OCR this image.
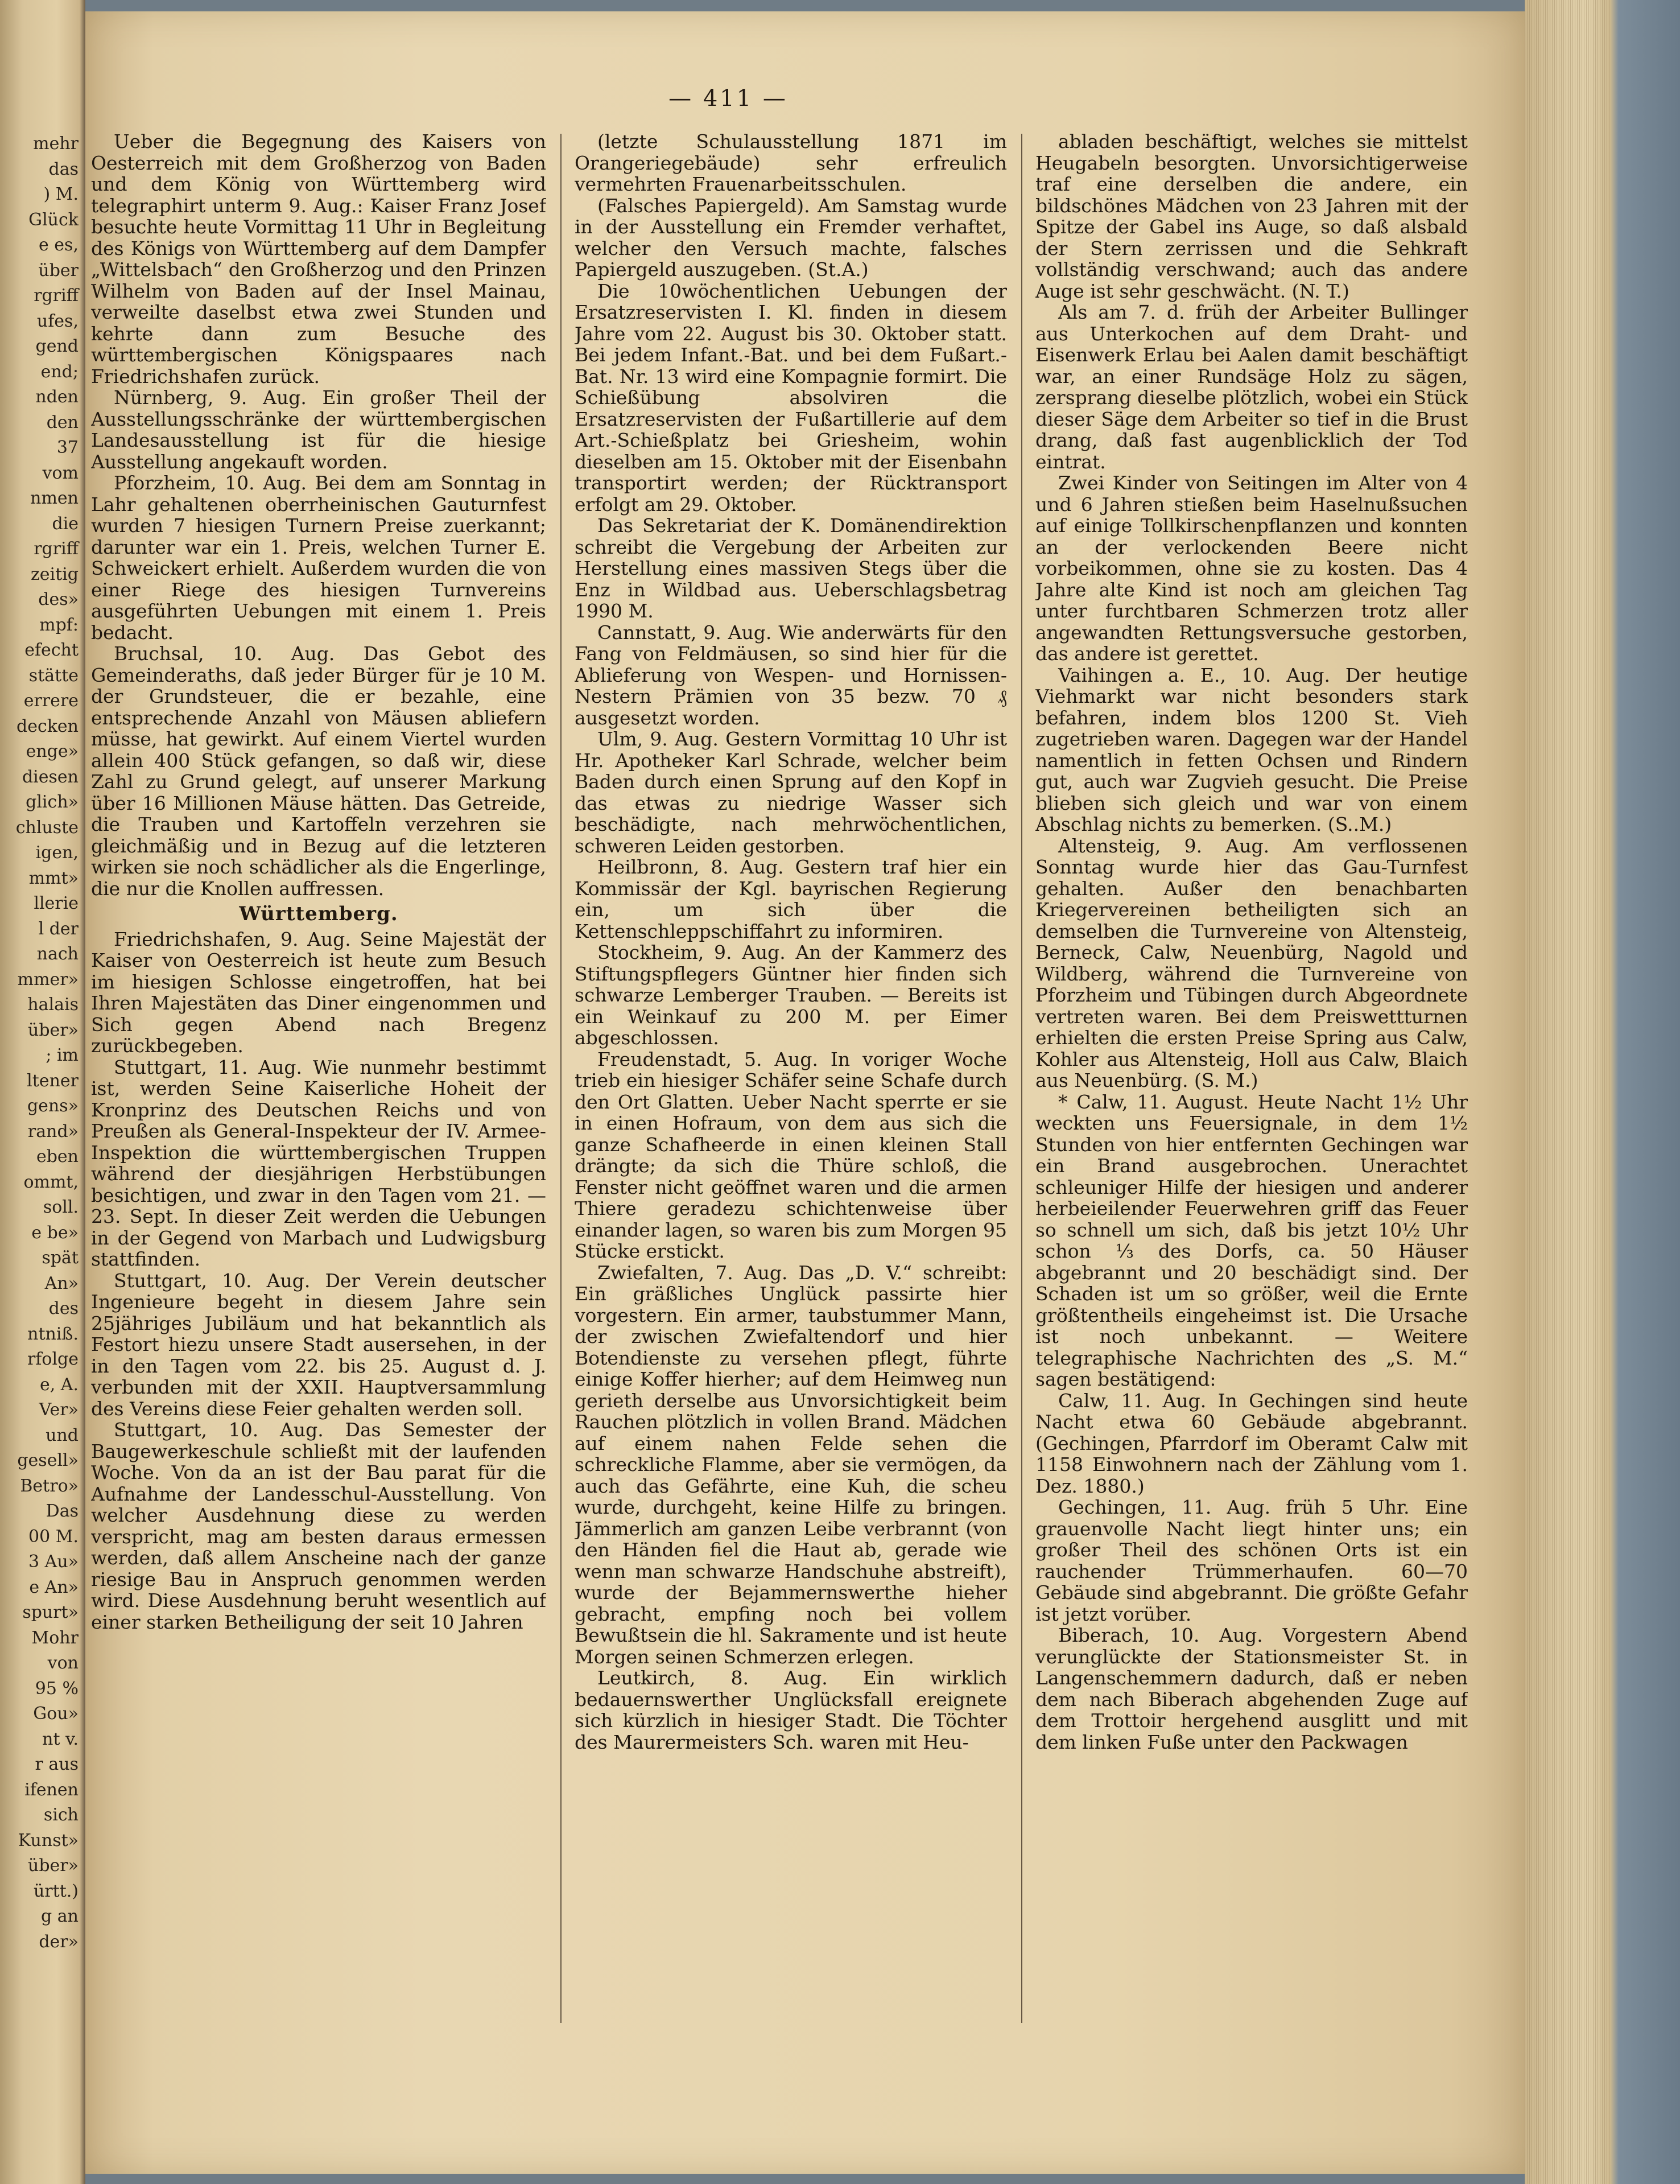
mehr
das
) M.
Glück
e es,
über
rgriff
ufes,
gend
end;
nden
den
37
vom
nmen
die
rgriff
zeitig
des»
mpf:
efecht
stätte
errere
decken
enge»
diesen
glich»
chluste
igen,
mmt»
llerie
l der
nach
mmer»
halais
über»
; im
ltener
gens»
rand»
eben
ommt,
soll.
e be»
spät
An»
des
ntniß.
rfolge
e, A.
Ver»
und
gesell»
Betro»
Das
00 M.
3 Au»
e An»
spurt»
Mohr
von
95 %
Gou»
nt v.
r aus
ifenen
sich
Kunst»
über»
ürtt.)
g an
der»
— 411 —

Ueber die Begegnung des Kaisers von Oesterreich mit dem Großherzog von Baden und dem König von Württemberg wird telegraphirt unterm 9. Aug.: Kaiser Franz Josef besuchte heute Vormittag 11 Uhr in Begleitung des Königs von Württemberg auf dem Dampfer „Wittelsbach“ den Großherzog und den Prinzen Wilhelm von Baden auf der Insel Mainau, verweilte daselbst etwa zwei Stunden und kehrte dann zum Besuche des württembergischen Königspaares nach Friedrichshafen zurück.

Nürnberg, 9. Aug. Ein großer Theil der Ausstellungsschränke der württembergischen Landesausstellung ist für die hiesige Ausstellung angekauft worden.

Pforzheim, 10. Aug. Bei dem am Sonntag in Lahr gehaltenen oberrheinischen Gauturnfest wurden 7 hiesigen Turnern Preise zuerkannt; darunter war ein 1. Preis, welchen Turner E. Schweickert erhielt. Außerdem wurden die von einer Riege des hiesigen Turnvereins ausgeführten Uebungen mit einem 1. Preis bedacht.

Bruchsal, 10. Aug. Das Gebot des Gemeinderaths, daß jeder Bürger für je 10 M. der Grundsteuer, die er bezahle, eine entsprechende Anzahl von Mäusen abliefern müsse, hat gewirkt. Auf einem Viertel wurden allein 400 Stück gefangen, so daß wir, diese Zahl zu Grund gelegt, auf unserer Markung über 16 Millionen Mäuse hätten. Das Getreide, die Trauben und Kartoffeln verzehren sie gleichmäßig und in Bezug auf die letzteren wirken sie noch schädlicher als die Engerlinge, die nur die Knollen auffressen.

Württemberg.

Friedrichshafen, 9. Aug. Seine Majestät der Kaiser von Oesterreich ist heute zum Besuch im hiesigen Schlosse eingetroffen, hat bei Ihren Majestäten das Diner eingenommen und Sich gegen Abend nach Bregenz zurückbegeben.

Stuttgart, 11. Aug. Wie nunmehr bestimmt ist, werden Seine Kaiserliche Hoheit der Kronprinz des Deutschen Reichs und von Preußen als General-Inspekteur der IV. Armee-Inspektion die württembergischen Truppen während der diesjährigen Herbstübungen besichtigen, und zwar in den Tagen vom 21. — 23. Sept. In dieser Zeit werden die Uebungen in der Gegend von Marbach und Ludwigsburg stattfinden.

Stuttgart, 10. Aug. Der Verein deutscher Ingenieure begeht in diesem Jahre sein 25jähriges Jubiläum und hat bekanntlich als Festort hiezu unsere Stadt ausersehen, in der in den Tagen vom 22. bis 25. August d. J. verbunden mit der XXII. Hauptversammlung des Vereins diese Feier gehalten werden soll.

Stuttgart, 10. Aug. Das Semester der Baugewerkeschule schließt mit der laufenden Woche. Von da an ist der Bau parat für die Aufnahme der Landesschul-Ausstellung. Von welcher Ausdehnung diese zu werden verspricht, mag am besten daraus ermessen werden, daß allem Anscheine nach der ganze riesige Bau in Anspruch genommen werden wird. Diese Ausdehnung beruht wesentlich auf einer starken Betheiligung der seit 10 Jahren

(letzte Schulausstellung 1871 im Orangeriegebäude) sehr erfreulich vermehrten Frauenarbeitsschulen.

(Falsches Papiergeld). Am Samstag wurde in der Ausstellung ein Fremder verhaftet, welcher den Versuch machte, falsches Papiergeld auszugeben. (St.A.)

Die 10wöchentlichen Uebungen der Ersatzreservisten I. Kl. finden in diesem Jahre vom 22. August bis 30. Oktober statt. Bei jedem Infant.-Bat. und bei dem Fußart.-Bat. Nr. 13 wird eine Kompagnie formirt. Die Schießübung absolviren die Ersatzreservisten der Fußartillerie auf dem Art.-Schießplatz bei Griesheim, wohin dieselben am 15. Oktober mit der Eisenbahn transportirt werden; der Rücktransport erfolgt am 29. Oktober.

Das Sekretariat der K. Domänendirektion schreibt die Vergebung der Arbeiten zur Herstellung eines massiven Stegs über die Enz in Wildbad aus. Ueberschlagsbetrag 1990 M.

Cannstatt, 9. Aug. Wie anderwärts für den Fang von Feldmäusen, so sind hier für die Ablieferung von Wespen- und Hornissen-Nestern Prämien von 35 bezw. 70 ₰ ausgesetzt worden.

Ulm, 9. Aug. Gestern Vormittag 10 Uhr ist Hr. Apotheker Karl Schrade, welcher beim Baden durch einen Sprung auf den Kopf in das etwas zu niedrige Wasser sich beschädigte, nach mehrwöchentlichen, schweren Leiden gestorben.

Heilbronn, 8. Aug. Gestern traf hier ein Kommissär der Kgl. bayrischen Regierung ein, um sich über die Kettenschleppschiffahrt zu informiren.

Stockheim, 9. Aug. An der Kammerz des Stiftungspflegers Güntner hier finden sich schwarze Lemberger Trauben. — Bereits ist ein Weinkauf zu 200 M. per Eimer abgeschlossen.

Freudenstadt, 5. Aug. In voriger Woche trieb ein hiesiger Schäfer seine Schafe durch den Ort Glatten. Ueber Nacht sperrte er sie in einen Hofraum, von dem aus sich die ganze Schafheerde in einen kleinen Stall drängte; da sich die Thüre schloß, die Fenster nicht geöffnet waren und die armen Thiere geradezu schichtenweise über einander lagen, so waren bis zum Morgen 95 Stücke erstickt.

Zwiefalten, 7. Aug. Das „D. V.“ schreibt: Ein gräßliches Unglück passirte hier vorgestern. Ein armer, taubstummer Mann, der zwischen Zwiefaltendorf und hier Botendienste zu versehen pflegt, führte einige Koffer hierher; auf dem Heimweg nun gerieth derselbe aus Unvorsichtigkeit beim Rauchen plötzlich in vollen Brand. Mädchen auf einem nahen Felde sehen die schreckliche Flamme, aber sie vermögen, da auch das Gefährte, eine Kuh, die scheu wurde, durchgeht, keine Hilfe zu bringen. Jämmerlich am ganzen Leibe verbrannt (von den Händen fiel die Haut ab, gerade wie wenn man schwarze Handschuhe abstreift), wurde der Bejammernswerthe hieher gebracht, empfing noch bei vollem Bewußtsein die hl. Sakramente und ist heute Morgen seinen Schmerzen erlegen.

Leutkirch, 8. Aug. Ein wirklich bedauernswerther Unglücksfall ereignete sich kürzlich in hiesiger Stadt. Die Töchter des Maurermeisters Sch. waren mit Heu-

abladen beschäftigt, welches sie mittelst Heugabeln besorgten. Unvorsichtigerweise traf eine derselben die andere, ein bildschönes Mädchen von 23 Jahren mit der Spitze der Gabel ins Auge, so daß alsbald der Stern zerrissen und die Sehkraft vollständig verschwand; auch das andere Auge ist sehr geschwächt. (N. T.)

Als am 7. d. früh der Arbeiter Bullinger aus Unterkochen auf dem Draht- und Eisenwerk Erlau bei Aalen damit beschäftigt war, an einer Rundsäge Holz zu sägen, zersprang dieselbe plötzlich, wobei ein Stück dieser Säge dem Arbeiter so tief in die Brust drang, daß fast augenblicklich der Tod eintrat.

Zwei Kinder von Seitingen im Alter von 4 und 6 Jahren stießen beim Haselnußsuchen auf einige Tollkirschenpflanzen und konnten an der verlockenden Beere nicht vorbeikommen, ohne sie zu kosten. Das 4 Jahre alte Kind ist noch am gleichen Tag unter furchtbaren Schmerzen trotz aller angewandten Rettungsversuche gestorben, das andere ist gerettet.

Vaihingen a. E., 10. Aug. Der heutige Viehmarkt war nicht besonders stark befahren, indem blos 1200 St. Vieh zugetrieben waren. Dagegen war der Handel namentlich in fetten Ochsen und Rindern gut, auch war Zugvieh gesucht. Die Preise blieben sich gleich und war von einem Abschlag nichts zu bemerken. (S..M.)

Altensteig, 9. Aug. Am verflossenen Sonntag wurde hier das Gau-Turnfest gehalten. Außer den benachbarten Kriegervereinen betheiligten sich an demselben die Turnvereine von Altensteig, Berneck, Calw, Neuenbürg, Nagold und Wildberg, während die Turnvereine von Pforzheim und Tübingen durch Abgeordnete vertreten waren. Bei dem Preiswettturnen erhielten die ersten Preise Spring aus Calw, Kohler aus Altensteig, Holl aus Calw, Blaich aus Neuenbürg. (S. M.)

* Calw, 11. August. Heute Nacht 1½ Uhr weckten uns Feuersignale, in dem 1½ Stunden von hier entfernten Gechingen war ein Brand ausgebrochen. Unerachtet schleuniger Hilfe der hiesigen und anderer herbeieilender Feuerwehren griff das Feuer so schnell um sich, daß bis jetzt 10½ Uhr schon ⅓ des Dorfs, ca. 50 Häuser abgebrannt und 20 beschädigt sind. Der Schaden ist um so größer, weil die Ernte größtentheils eingeheimst ist. Die Ursache ist noch unbekannt. — Weitere telegraphische Nachrichten des „S. M.“ sagen bestätigend:

Calw, 11. Aug. In Gechingen sind heute Nacht etwa 60 Gebäude abgebrannt. (Gechingen, Pfarrdorf im Oberamt Calw mit 1158 Einwohnern nach der Zählung vom 1. Dez. 1880.)

Gechingen, 11. Aug. früh 5 Uhr. Eine grauenvolle Nacht liegt hinter uns; ein großer Theil des schönen Orts ist ein rauchender Trümmerhaufen. 60—70 Gebäude sind abgebrannt. Die größte Gefahr ist jetzt vorüber.

Biberach, 10. Aug. Vorgestern Abend verunglückte der Stationsmeister St. in Langenschemmern dadurch, daß er neben dem nach Biberach abgehenden Zuge auf dem Trottoir hergehend ausglitt und mit dem linken Fuße unter den Packwagen
